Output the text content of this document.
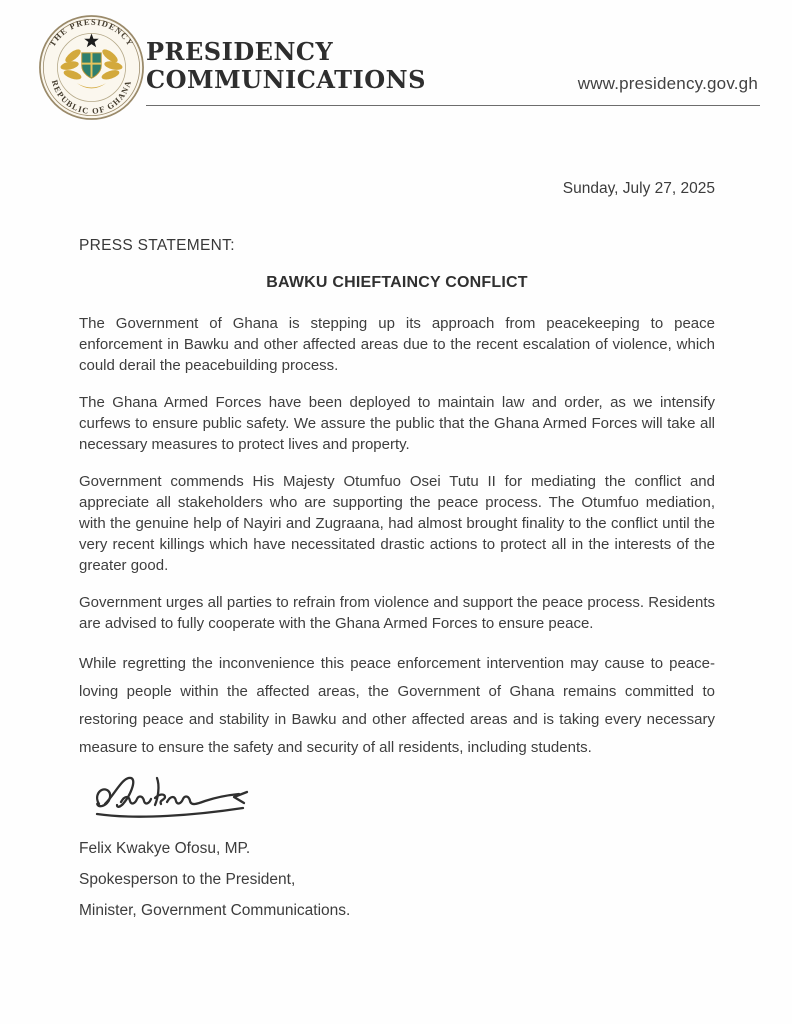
THE PRESIDENCY
REPUBLIC OF GHANA
PRESIDENCY
COMMUNICATIONS	www.presidency.gov.gh

Sunday, July 27, 2025

PRESS STATEMENT:

BAWKU CHIEFTAINCY CONFLICT

The Government of Ghana is stepping up its approach from peacekeeping to peace enforcement in Bawku and other affected areas due to the recent escalation of violence, which could derail the peacebuilding process.

The Ghana Armed Forces have been deployed to maintain law and order, as we intensify curfews to ensure public safety. We assure the public that the Ghana Armed Forces will take all necessary measures to protect lives and property.

Government commends His Majesty Otumfuo Osei Tutu II for mediating the conflict and appreciate all stakeholders who are supporting the peace process. The Otumfuo mediation, with the genuine help of Nayiri and Zugraana, had almost brought finality to the conflict until the very recent killings which have necessitated drastic actions to protect all in the interests of the greater good.

Government urges all parties to refrain from violence and support the peace process. Residents are advised to fully cooperate with the Ghana Armed Forces to ensure peace.

While regretting the inconvenience this peace enforcement intervention may cause to peace-loving people within the affected areas, the Government of Ghana remains committed to restoring peace and stability in Bawku and other affected areas and is taking every necessary measure to ensure the safety and security of all residents, including students.

Felix Kwakye Ofosu, MP.

Spokesperson to the President,

Minister, Government Communications.
